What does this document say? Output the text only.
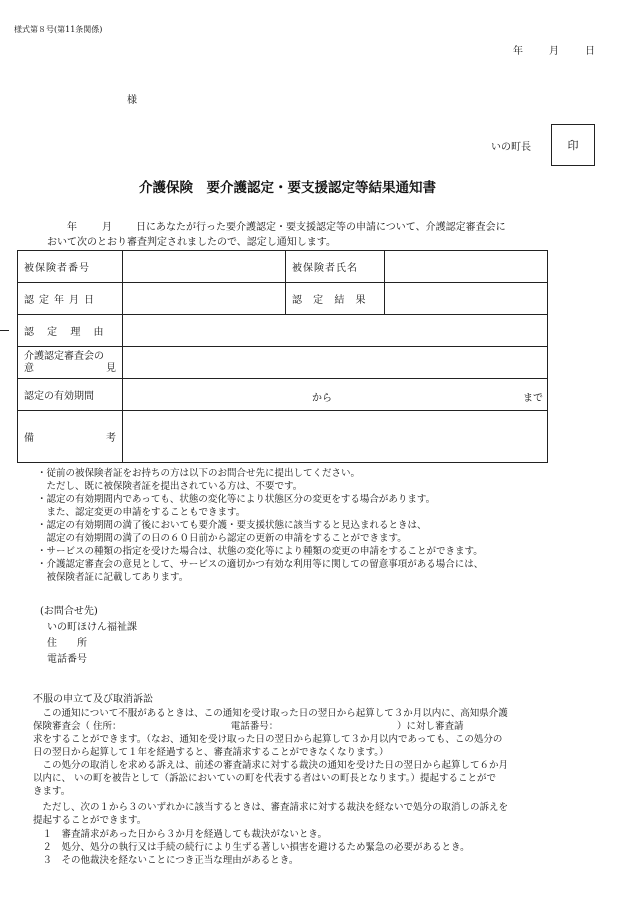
様式第８号(第11条関係)
年	月	日
様
いの町長	印
介護保険　要介護認定・要支援認定等結果通知書
年	月 日にあなたが行った要介護認定・要支援認定等の申請について、介護認定審査会に
おいて次のとおり審査判定されましたので、認定し通知します。
被保険者番号		被保険者氏名	
認定年月日		認 定 結 果	
認 定 理 由			

介護認定審査会の
意 見			

認定の有効期間	から まで		

備 考			

・従前の被保険者証をお持ちの方は以下のお問合せ先に提出してください。
　ただし、既に被保険者証を提出されている方は、不要です。
・認定の有効期間内であっても、状態の変化等により状態区分の変更をする場合があります。
　また、認定変更の申請をすることもできます。
・認定の有効期間の満了後においても要介護・要支援状態に該当すると見込まれるときは、
　認定の有効期間の満了の日の６０日前から認定の更新の申請をすることができます。
・サービスの種類の指定を受けた場合は、状態の変化等により種類の変更の申請をすることができます。
・介護認定審査会の意見として、サービスの適切かつ有効な利用等に関しての留意事項がある場合には、
　被保険者証に記載してあります。
(お問合せ先)
いの町ほけん福祉課
住　　所
電話番号
不服の申立て及び取消訴訟
　この通知について不服があるときは、この通知を受け取った日の翌日から起算して３か月以内に、高知県介護
保険審査会（ 住所：　　　　　　　　　　　　電話番号：　　　　　　　　　　　　　）に対し審査請
求をすることができます。（なお、通知を受け取った日の翌日から起算して３か月以内であっても、この処分の
日の翌日から起算して１年を経過すると、審査請求することができなくなります。）
　この処分の取消しを求める訴えは、前述の審査請求に対する裁決の通知を受けた日の翌日から起算して６か月
以内に、 いの町を被告として（訴訟においていの町を代表する者はいの町長となります。）提起することがで
きます。
　ただし、次の１から３のいずれかに該当するときは、審査請求に対する裁決を経ないで処分の取消しの訴えを
提起することができます。
　１　審査請求があった日から３か月を経過しても裁決がないとき。
　２　処分、処分の執行又は手続の続行により生ずる著しい損害を避けるため緊急の必要があるとき。
　３　その他裁決を経ないことにつき正当な理由があるとき。
